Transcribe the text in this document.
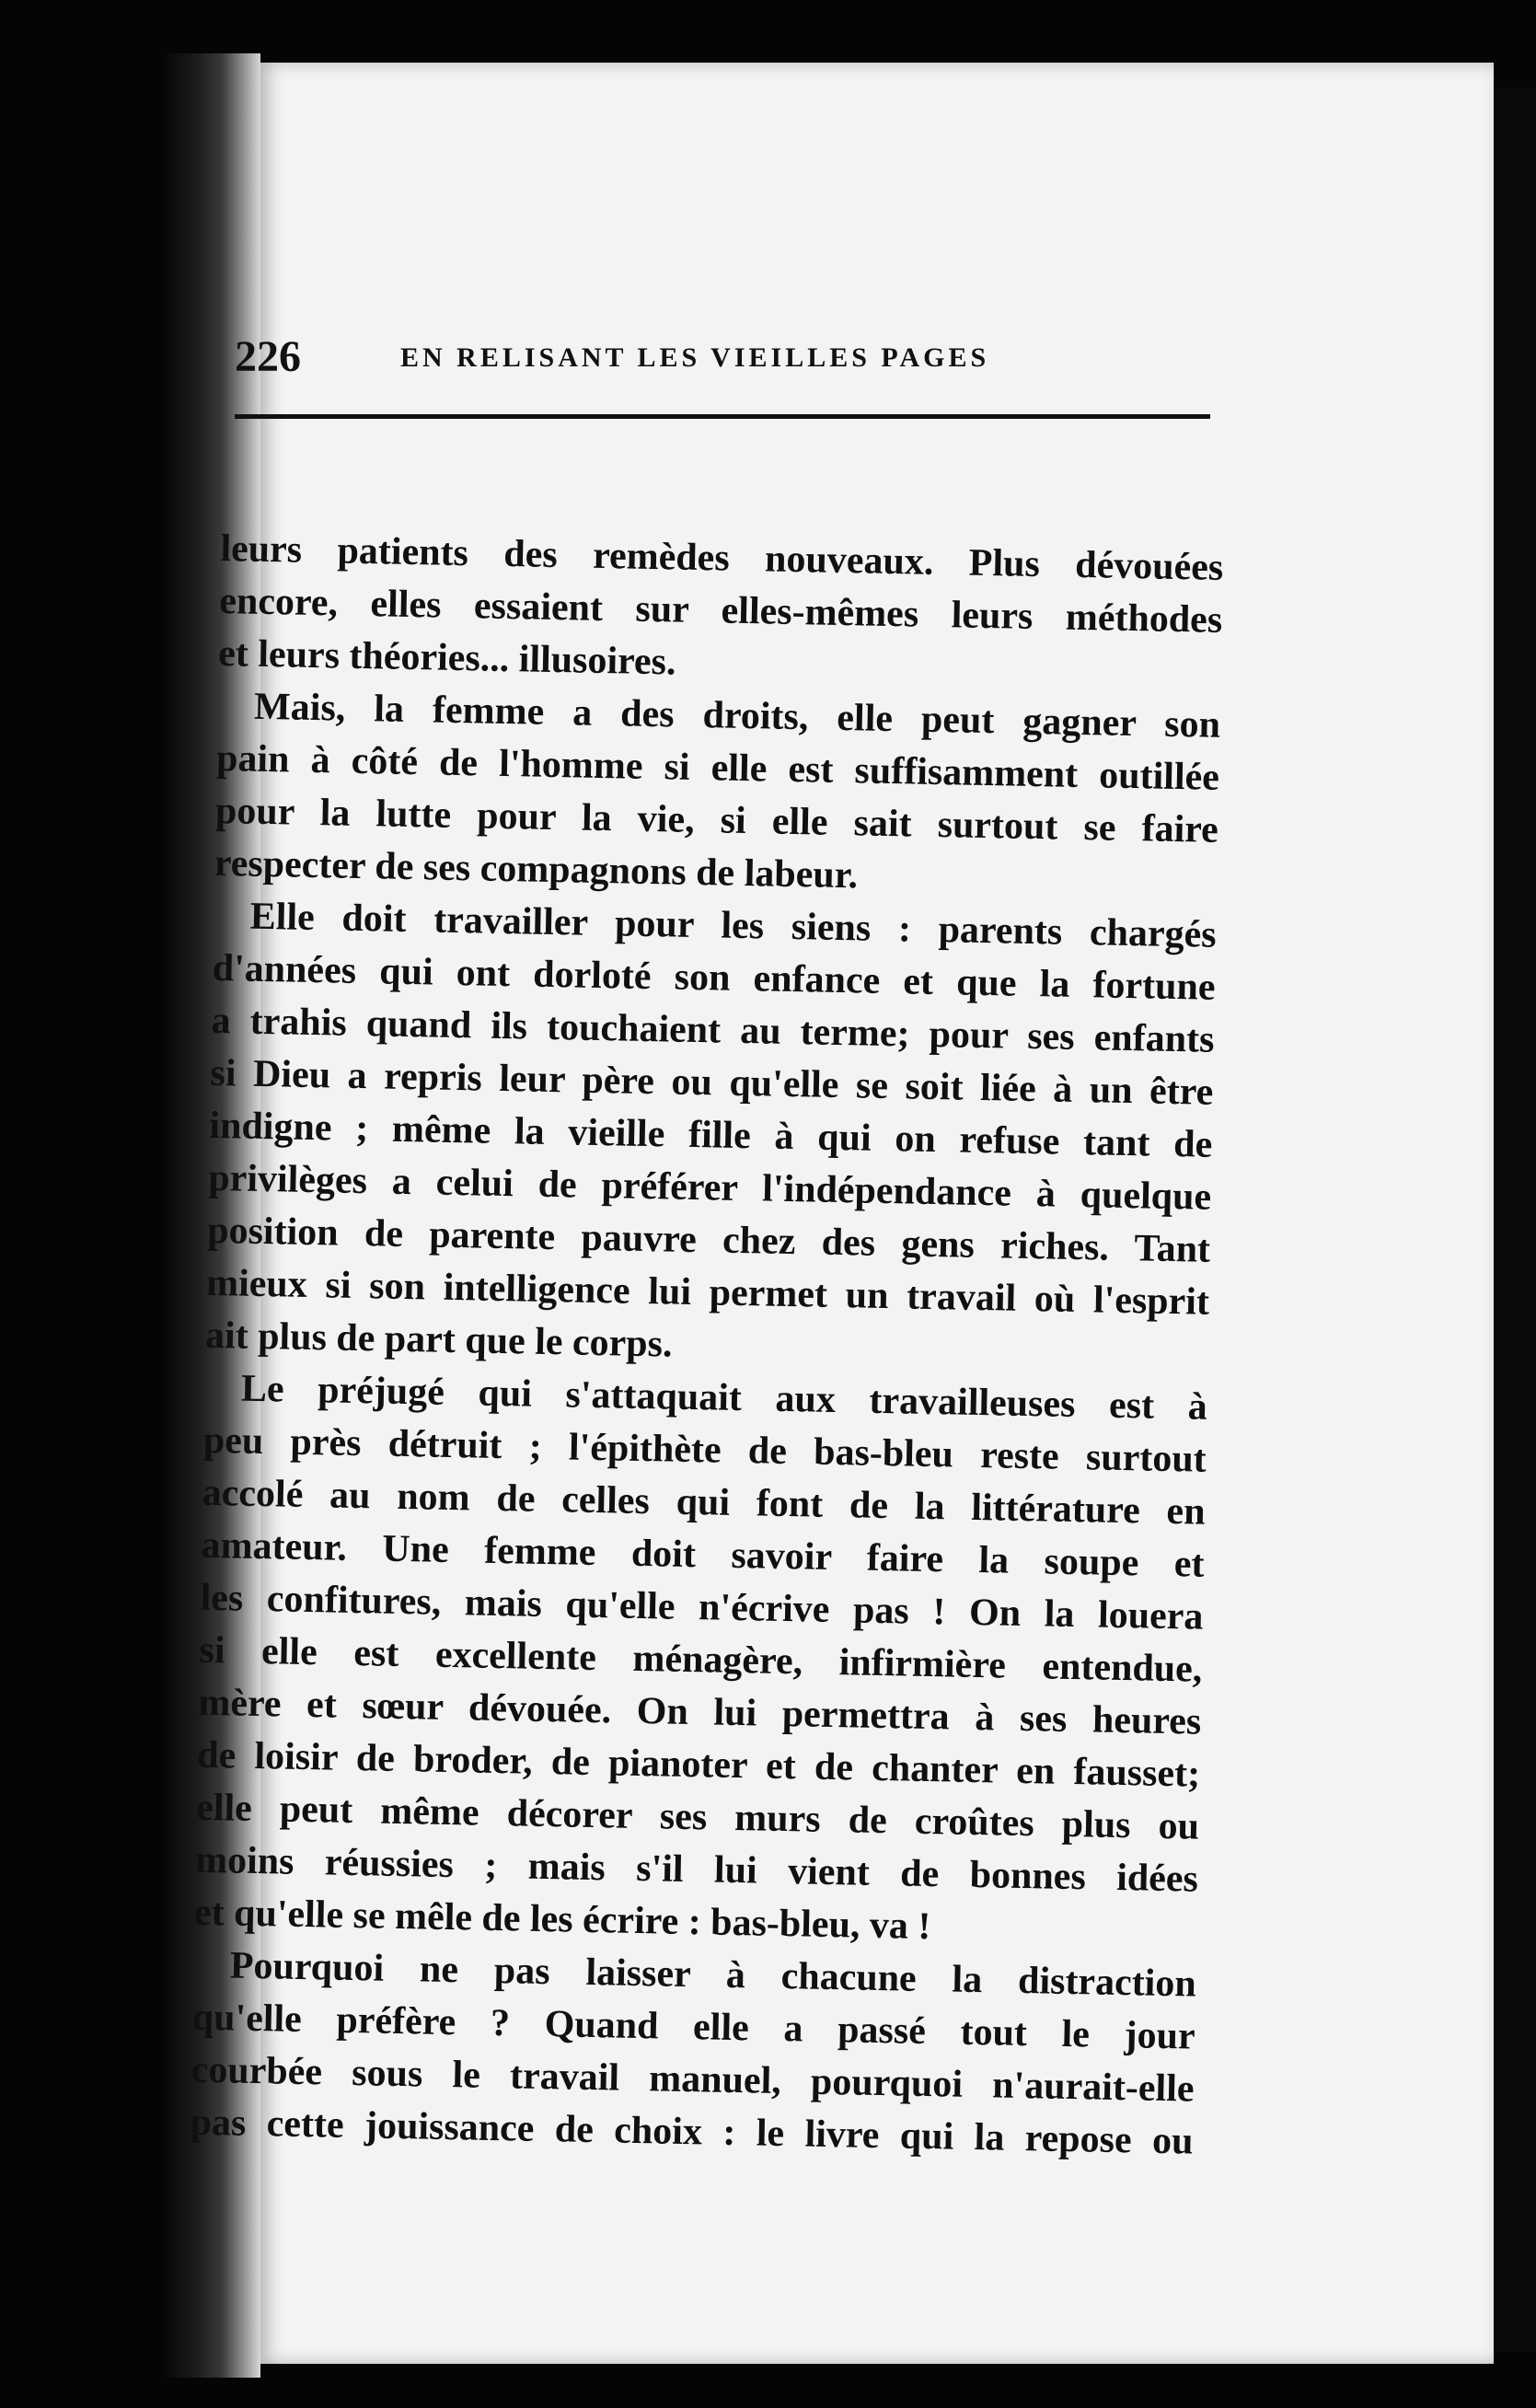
226	EN RELISANT LES VIEILLES PAGES
leurs patients des remèdes nouveaux. Plus dévouées
encore, elles essaient sur elles-mêmes leurs méthodes
et leurs théories... illusoires.
Mais, la femme a des droits, elle peut gagner son
pain à côté de l'homme si elle est suffisamment outillée
pour la lutte pour la vie, si elle sait surtout se faire
respecter de ses compagnons de labeur.
Elle doit travailler pour les siens : parents chargés
d'années qui ont dorloté son enfance et que la fortune
a trahis quand ils touchaient au terme; pour ses enfants
si Dieu a repris leur père ou qu'elle se soit liée à un être
indigne ; même la vieille fille à qui on refuse tant de
privilèges a celui de préférer l'indépendance à quelque
position de parente pauvre chez des gens riches. Tant
mieux si son intelligence lui permet un travail où l'esprit
ait plus de part que le corps.
Le préjugé qui s'attaquait aux travailleuses est à
peu près détruit ; l'épithète de bas-bleu reste surtout
accolé au nom de celles qui font de la littérature en
amateur. Une femme doit savoir faire la soupe et
les confitures, mais qu'elle n'écrive pas ! On la louera
si elle est excellente ménagère, infirmière entendue,
mère et sœur dévouée. On lui permettra à ses heures
de loisir de broder, de pianoter et de chanter en fausset;
elle peut même décorer ses murs de croûtes plus ou
moins réussies ; mais s'il lui vient de bonnes idées
et qu'elle se mêle de les écrire : bas-bleu, va !
Pourquoi ne pas laisser à chacune la distraction
qu'elle préfère ? Quand elle a passé tout le jour
courbée sous le travail manuel, pourquoi n'aurait-elle
pas cette jouissance de choix : le livre qui la repose ou
